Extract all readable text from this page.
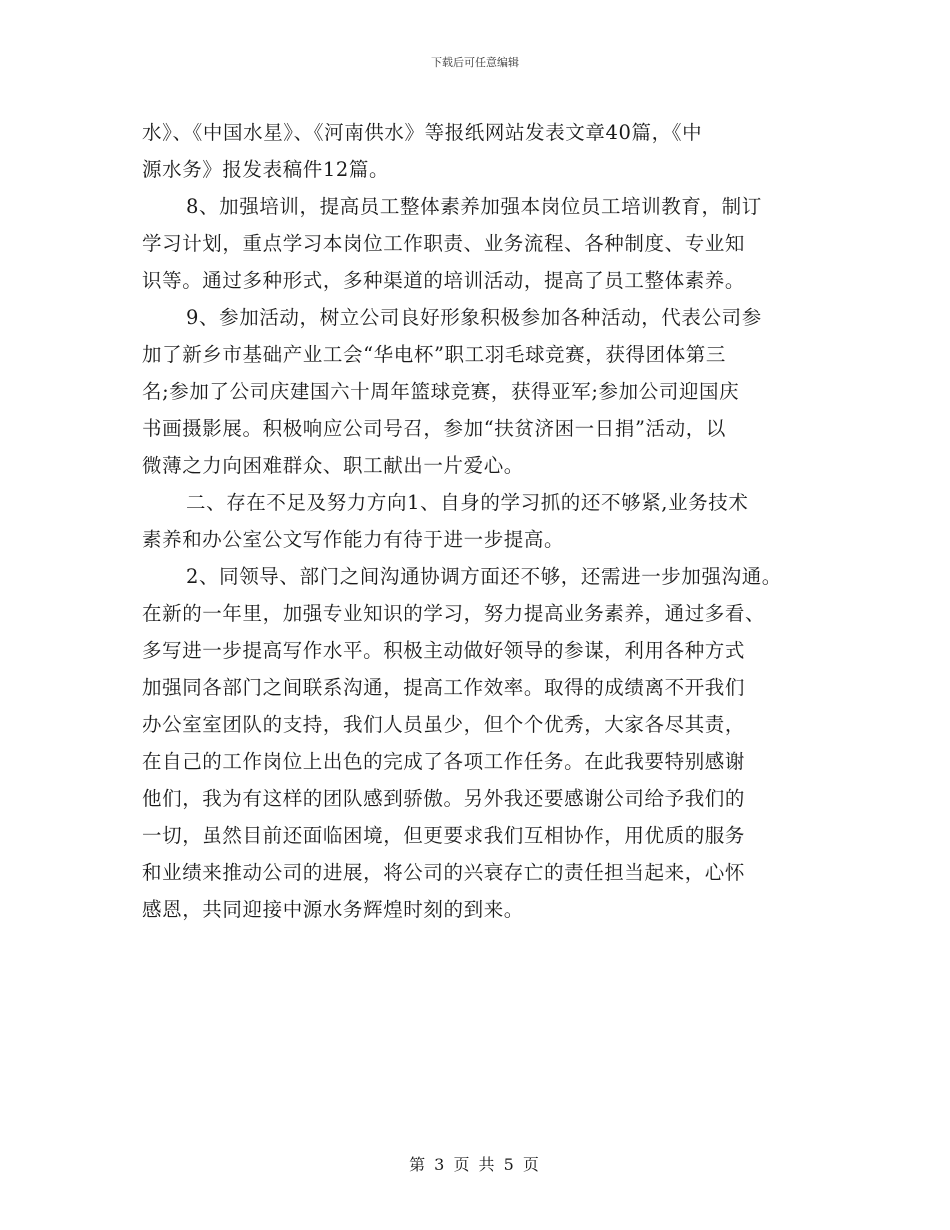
下载后可任意编辑
水》、《中国水星》、《河南供水》等报纸网站发表文章40篇，《中
源水务》报发表稿件12篇。
8、加强培训，提高员工整体素养加强本岗位员工培训教育，制订
学习计划，重点学习本岗位工作职责、业务流程、各种制度、专业知
识等。通过多种形式，多种渠道的培训活动，提高了员工整体素养。
9、参加活动，树立公司良好形象积极参加各种活动，代表公司参
加了新乡市基础产业工会“华电杯”职工羽毛球竞赛，获得团体第三
名;参加了公司庆建国六十周年篮球竞赛，获得亚军;参加公司迎国庆
书画摄影展。积极响应公司号召，参加“扶贫济困一日捐”活动，以
微薄之力向困难群众、职工献出一片爱心。
二、存在不足及努力方向1、自身的学习抓的还不够紧,业务技术
素养和办公室公文写作能力有待于进一步提高。
2、同领导、部门之间沟通协调方面还不够，还需进一步加强沟通。
在新的一年里，加强专业知识的学习，努力提高业务素养，通过多看、
多写进一步提高写作水平。积极主动做好领导的参谋，利用各种方式
加强同各部门之间联系沟通，提高工作效率。取得的成绩离不开我们
办公室室团队的支持，我们人员虽少，但个个优秀，大家各尽其责，
在自己的工作岗位上出色的完成了各项工作任务。在此我要特别感谢
他们，我为有这样的团队感到骄傲。另外我还要感谢公司给予我们的
一切，虽然目前还面临困境，但更要求我们互相协作，用优质的服务
和业绩来推动公司的进展，将公司的兴衰存亡的责任担当起来，心怀
感恩，共同迎接中源水务辉煌时刻的到来。
第 3 页 共 5 页
